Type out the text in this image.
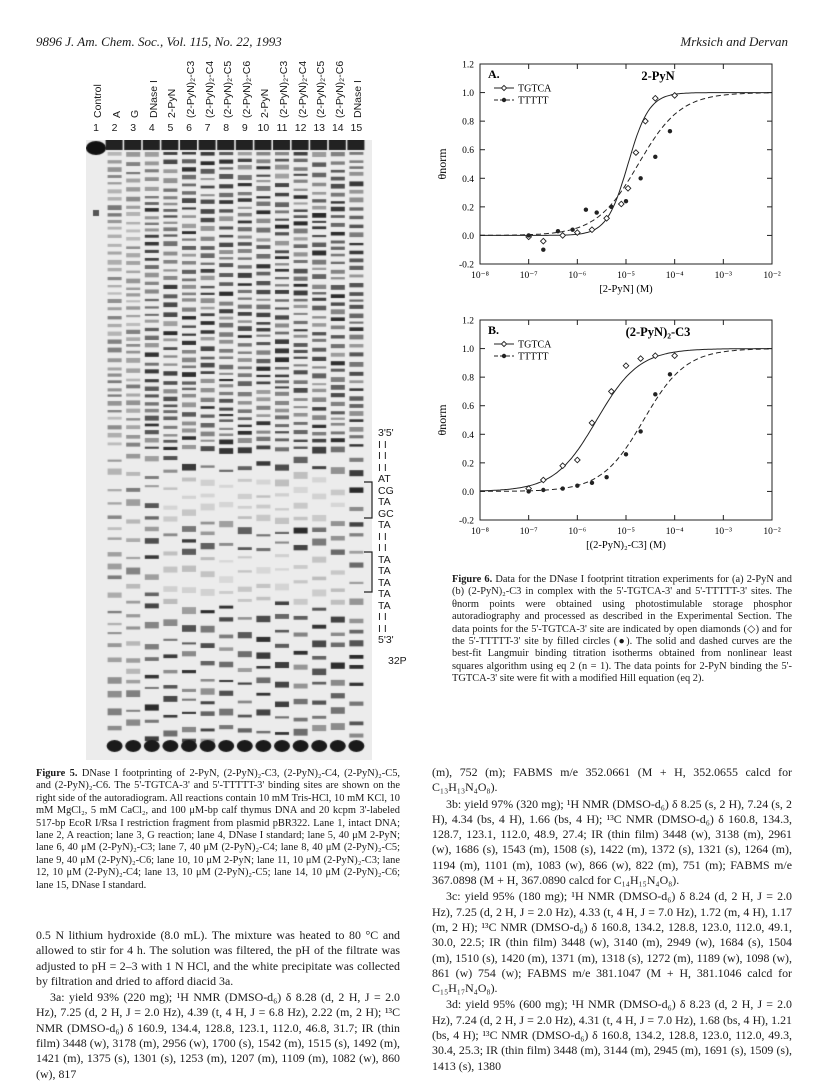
9896 J. Am. Chem. Soc., Vol. 115, No. 22, 1993	Mrksich and Dervan
Control A G DNase I 2-PyN (2-PyN)₂-C3 (2-PyN)₂-C4 (2-PyN)₂-C5 (2-PyN)₂-C6 2-PyN (2-PyN)₂-C3 (2-PyN)₂-C4 (2-PyN)₂-C5 (2-PyN)₂-C6 DNase I
1	2	3	4	5	6	7	8	9 10 11 12 13 14 15
3'5'
I I
I I
I I
AT
CG
TA
GC
TA
I I
I I
TA
TA
TA
TA
TA
I I
I I
5'3'
32P
Figure 5. DNase I footprinting of 2-PyN, (2-PyN)₂-C3, (2-PyN)₂-C4, (2-PyN)₂-C5, and (2-PyN)₂-C6. The 5'-TGTCA-3' and 5'-TTTTT-3' binding sites are shown on the right side of the autoradiogram. All reactions contain 10 mM Tris-HCl, 10 mM KCl, 10 mM MgCl₂, 5 mM CaCl₂, and 100 μM-bp calf thymus DNA and 20 kcpm 3'-labeled 517-bp EcoR I/Rsa I restriction fragment from plasmid pBR322. Lane 1, intact DNA; lane 2, A reaction; lane 3, G reaction; lane 4, DNase I standard; lane 5, 40 μM 2-PyN; lane 6, 40 μM (2-PyN)₂-C3; lane 7, 40 μM (2-PyN)₂-C4; lane 8, 40 μM (2-PyN)₂-C5; lane 9, 40 μM (2-PyN)₂-C6; lane 10, 10 μM 2-PyN; lane 11, 10 μM (2-PyN)₂-C3; lane 12, 10 μM (2-PyN)₂-C4; lane 13, 10 μM (2-PyN)₂-C5; lane 14, 10 μM (2-PyN)₂-C6; lane 15, DNase I standard.
-0.2
0.0
0.2
0.4
0.6
0.8
1.0
1.2
10⁻⁸	10⁻⁷	10⁻⁶	10⁻⁵	10⁻⁴	10⁻³	10⁻²
[2-PyN] (M)
θnorm
A.	2-PyN
TGTCA
TTTTT
-0.2
0.0
0.2
0.4
0.6
0.8
1.0
1.2
10⁻⁸	10⁻⁷	10⁻⁶	10⁻⁵	10⁻⁴	10⁻³	10⁻²
[(2-PyN)₂-C3] (M)
θnorm
B.	(2-PyN)₂-C3
TGTCA
TTTTT
Figure 6. Data for the DNase I footprint titration experiments for (a) 2-PyN and (b) (2-PyN)₂-C3 in complex with the 5'-TGTCA-3' and 5'-TTTTT-3' sites. The θnorm points were obtained using photostimulable storage phosphor autoradiography and processed as described in the Experimental Section. The data points for the 5'-TGTCA-3' site are indicated by open diamonds (◇) and for the 5'-TTTTT-3' site by filled circles (●). The solid and dashed curves are the best-fit Langmuir binding titration isotherms obtained from nonlinear least squares algorithm using eq 2 (n = 1). The data points for 2-PyN binding the 5'-TGTCA-3' site were fit with a modified Hill equation (eq 2).

0.5 N lithium hydroxide (8.0 mL). The mixture was heated to 80 °C and allowed to stir for 4 h. The solution was filtered, the pH of the filtrate was adjusted to pH = 2–3 with 1 N HCl, and the white precipitate was collected by filtration and dried to afford diacid 3a.

3a: yield 93% (220 mg); ¹H NMR (DMSO-d₆) δ 8.28 (d, 2 H, J = 2.0 Hz), 7.25 (d, 2 H, J = 2.0 Hz), 4.39 (t, 4 H, J = 6.8 Hz), 2.22 (m, 2 H); ¹³C NMR (DMSO-d₆) δ 160.9, 134.4, 128.8, 123.1, 112.0, 46.8, 31.7; IR (thin film) 3448 (w), 3178 (m), 2956 (w), 1700 (s), 1542 (m), 1515 (s), 1492 (m), 1421 (m), 1375 (s), 1301 (s), 1253 (m), 1207 (m), 1109 (m), 1082 (w), 860 (w), 817

(m), 752 (m); FABMS m/e 352.0661 (M + H, 352.0655 calcd for C₁₃H₁₃N₄O₈).

3b: yield 97% (320 mg); ¹H NMR (DMSO-d₆) δ 8.25 (s, 2 H), 7.24 (s, 2 H), 4.34 (bs, 4 H), 1.66 (bs, 4 H); ¹³C NMR (DMSO-d₆) δ 160.8, 134.3, 128.7, 123.1, 112.0, 48.9, 27.4; IR (thin film) 3448 (w), 3138 (m), 2961 (w), 1686 (s), 1543 (m), 1508 (s), 1422 (m), 1372 (s), 1321 (s), 1264 (m), 1194 (m), 1101 (m), 1083 (w), 866 (w), 822 (m), 751 (m); FABMS m/e 367.0898 (M + H, 367.0890 calcd for C₁₄H₁₅N₄O₈).

3c: yield 95% (180 mg); ¹H NMR (DMSO-d₆) δ 8.24 (d, 2 H, J = 2.0 Hz), 7.25 (d, 2 H, J = 2.0 Hz), 4.33 (t, 4 H, J = 7.0 Hz), 1.72 (m, 4 H), 1.17 (m, 2 H); ¹³C NMR (DMSO-d₆) δ 160.8, 134.2, 128.8, 123.0, 112.0, 49.1, 30.0, 22.5; IR (thin film) 3448 (w), 3140 (m), 2949 (w), 1684 (s), 1504 (m), 1510 (s), 1420 (m), 1371 (m), 1318 (s), 1272 (m), 1189 (w), 1098 (w), 861 (w) 754 (w); FABMS m/e 381.1047 (M + H, 381.1046 calcd for C₁₅H₁₇N₄O₈).

3d: yield 95% (600 mg); ¹H NMR (DMSO-d₆) δ 8.23 (d, 2 H, J = 2.0 Hz), 7.24 (d, 2 H, J = 2.0 Hz), 4.31 (t, 4 H, J = 7.0 Hz), 1.68 (bs, 4 H), 1.21 (bs, 4 H); ¹³C NMR (DMSO-d₆) δ 160.8, 134.2, 128.8, 123.0, 112.0, 49.3, 30.4, 25.3; IR (thin film) 3448 (m), 3144 (m), 2945 (m), 1691 (s), 1509 (s), 1413 (s), 1380
